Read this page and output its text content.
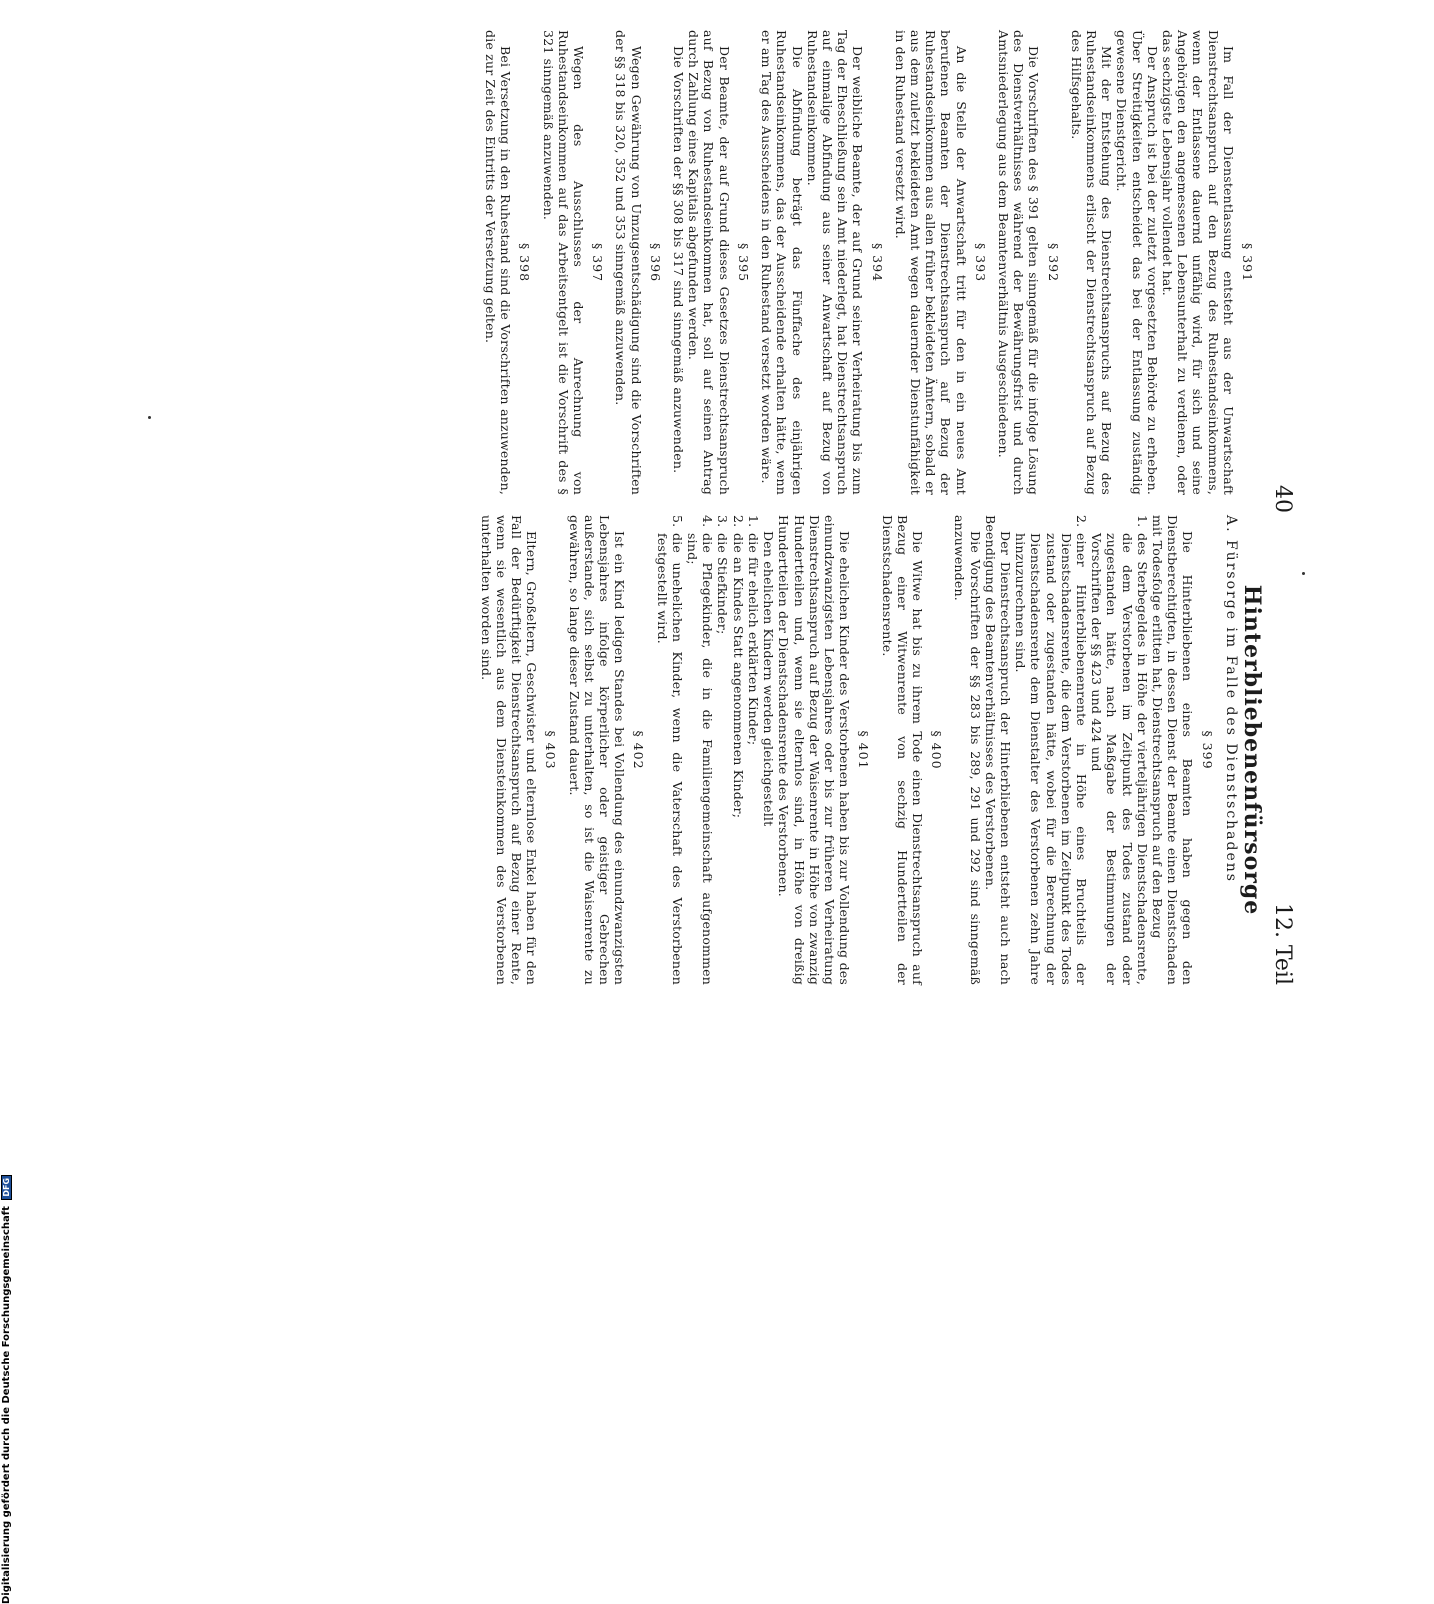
40
12. Teil
Hinterbliebenenfürsorge

A. Fürsorge im Falle des Dienstschadens

§ 399

Die Hinterbliebenen eines Beamten haben gegen den Dienstberechtigten, in dessen Dienst der Beamte einen Dienstschaden mit Todesfolge erlitten hat, Dienstrechtsanspruch auf den Bezug

1.
des Sterbegeldes in Höhe der vierteljährigen Dienstschadensrente, die dem Verstorbenen im Zeitpunkt des Todes zustand oder zugestanden hätte, nach Maßgabe der Bestimmungen der Vorschriften der §§ 423 und 424 und

2.
einer Hinterbliebenenrente in Höhe eines Bruchteils der Dienstschadensrente, die dem Verstorbenen im Zeitpunkt des Todes zustand oder zugestanden hätte, wobei für die Berechnung der Dienstschadensrente dem Dienstalter des Verstorbenen zehn Jahre hinzuzurechnen sind.

Der Dienstrechtsanspruch der Hinterbliebenen entsteht auch nach Beendigung des Beamtenverhältnisses des Verstorbenen.

Die Vorschriften der §§ 283 bis 289, 291 und 292 sind sinngemäß anzuwenden.

§ 400

Die Witwe hat bis zu ihrem Tode einen Dienstrechtsanspruch auf Bezug einer Witwenrente von sechzig Hundertteilen der Dienstschadensrente.

§ 401

Die ehelichen Kinder des Verstorbenen haben bis zur Vollendung des einundzwanzigsten Lebensjahres oder bis zur früheren Verheiratung Dienstrechtsanspruch auf Bezug der Waisenrente in Höhe von zwanzig Hundertteilen und, wenn sie elternlos sind, in Höhe von dreißig Hundertteilen der Dienstschadensrente des Verstorbenen.

Den ehelichen Kindern werden gleichgestellt

1.
die für ehelich erklärten Kinder;

2.
die an Kindes Statt angenommenen Kinder;

3.
die Stiefkinder;

4.
die Pflegekinder, die in die Familiengemeinschaft aufgenommen sind;

5.
die unehelichen Kinder, wenn die Vaterschaft des Verstorbenen festgestellt wird.

§ 402

Ist ein Kind ledigen Standes bei Vollendung des einundzwanzigsten Lebensjahres infolge körperlicher oder geistiger Gebrechen außerstande, sich selbst zu unterhalten, so ist die Waisenrente zu gewähren, so lange dieser Zustand dauert.

§ 403

Eltern, Großeltern, Geschwister und elternlose Enkel haben für den Fall der Bedürftigkeit Dienstrechtsanspruch auf Bezug einer Rente, wenn sie wesentlich aus dem Diensteinkommen des Verstorbenen unterhalten worden sind.

§ 391

Im Fall der Dienstentlassung entsteht aus der Unwartschaft Dienstrechtsanspruch auf den Bezug des Ruhestandseinkommens, wenn der Entlassene dauernd unfähig wird, für sich und seine Angehörigen den angemessenen Lebensunterhalt zu verdienen, oder das sechzigste Lebensjahr vollendet hat.

Der Anspruch ist bei der zuletzt vorgesetzten Behörde zu erheben. Über Streitigkeiten entscheidet das bei der Entlassung zuständig gewesene Dienstgericht.

Mit der Entstehung des Dienstrechtsanspruchs auf Bezug des Ruhestandseinkommens erlischt der Dienstrechtsanspruch auf Bezug des Hilfsgehalts.

§ 392

Die Vorschriften des § 391 gelten sinngemäß für die infolge Lösung des Dienstverhältnisses während der Bewährungsfrist und durch Amtsniederlegung aus dem Beamtenverhältnis Ausgeschiedenen.

§ 393

An die Stelle der Anwartschaft tritt für den in ein neues Amt berufenen Beamten der Dienstrechtsanspruch auf Bezug der Ruhestandseinkommen aus allen früher bekleideten Ämtern, sobald er aus dem zuletzt bekleideten Amt wegen dauernder Dienstunfähigkeit in den Ruhestand versetzt wird.

§ 394

Der weibliche Beamte, der auf Grund seiner Verheiratung bis zum Tag der Eheschließung sein Amt niederlegt, hat Dienstrechtsanspruch auf einmalige Abfindung aus seiner Anwartschaft auf Bezug von Ruhestandseinkommen.

Die Abfindung beträgt das Fünffache des einjährigen Ruhestandseinkommens, das der Ausscheidende erhalten hätte, wenn er am Tag des Ausscheidens in den Ruhestand versetzt worden wäre.

§ 395

Der Beamte, der auf Grund dieses Gesetzes Dienstrechtsanspruch auf Bezug von Ruhestandseinkommen hat, soll auf seinen Antrag durch Zahlung eines Kapitals abgefunden werden.

Die Vorschriften der §§ 308 bis 317 sind sinngemäß anzuwenden.

§ 396

Wegen Gewährung von Umzugsentschädigung sind die Vorschriften der §§ 318 bis 320, 352 und 353 sinngemäß anzuwenden.

§ 397

Wegen des Ausschlusses der Anrechnung von Ruhestandseinkommen auf das Arbeitsentgelt ist die Vorschrift des § 321 sinngemäß anzuwenden.

§ 398

Bei Versetzung in den Ruhestand sind die Vorschriften anzuwenden, die zur Zeit des Eintritts der Versetzung gelten.

Digitalisierung gefördert durch die Deutsche Forschungsgemeinschaft DFG
